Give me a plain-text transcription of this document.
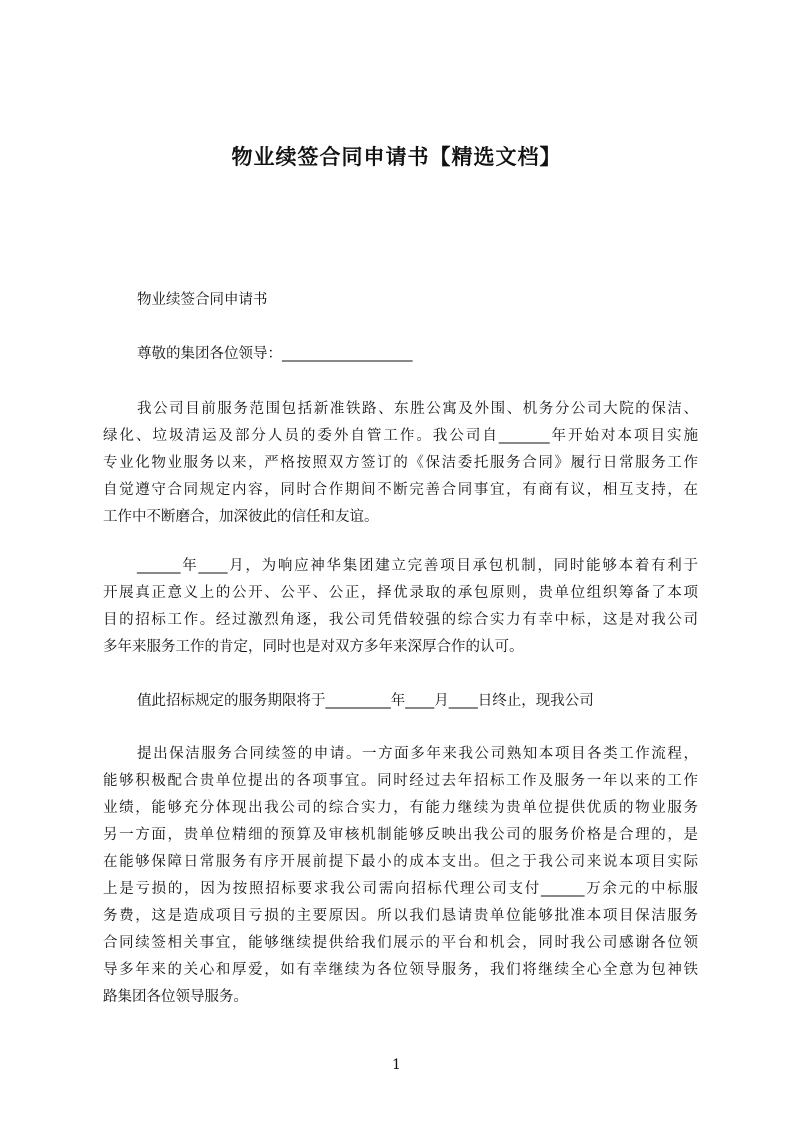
物业续签合同申请书【精选文档】
物业续签合同申请书
尊敬的集团各位领导：__________________
我公司目前服务范围包括新准铁路、东胜公寓及外围、机务分公司大院的保洁、
绿化、垃圾清运及部分人员的委外自管工作。我公司自_______年开始对本项目实施
专业化物业服务以来，严格按照双方签订的《保洁委托服务合同》履行日常服务工作
自觉遵守合同规定内容，同时合作期间不断完善合同事宜，有商有议，相互支持，在
工作中不断磨合，加深彼此的信任和友谊。
______年____月，为响应神华集团建立完善项目承包机制，同时能够本着有利于
开展真正意义上的公开、公平、公正，择优录取的承包原则，贵单位组织筹备了本项
目的招标工作。经过激烈角逐，我公司凭借较强的综合实力有幸中标，这是对我公司
多年来服务工作的肯定，同时也是对双方多年来深厚合作的认可。
值此招标规定的服务期限将于_________年____月____日终止，现我公司
提出保洁服务合同续签的申请。一方面多年来我公司熟知本项目各类工作流程，
能够积极配合贵单位提出的各项事宜。同时经过去年招标工作及服务一年以来的工作
业绩，能够充分体现出我公司的综合实力，有能力继续为贵单位提供优质的物业服务
另一方面，贵单位精细的预算及审核机制能够反映出我公司的服务价格是合理的，是
在能够保障日常服务有序开展前提下最小的成本支出。但之于我公司来说本项目实际
上是亏损的，因为按照招标要求我公司需向招标代理公司支付______万余元的中标服
务费，这是造成项目亏损的主要原因。所以我们恳请贵单位能够批准本项目保洁服务
合同续签相关事宜，能够继续提供给我们展示的平台和机会，同时我公司感谢各位领
导多年来的关心和厚爱，如有幸继续为各位领导服务，我们将继续全心全意为包神铁
路集团各位领导服务。
1
